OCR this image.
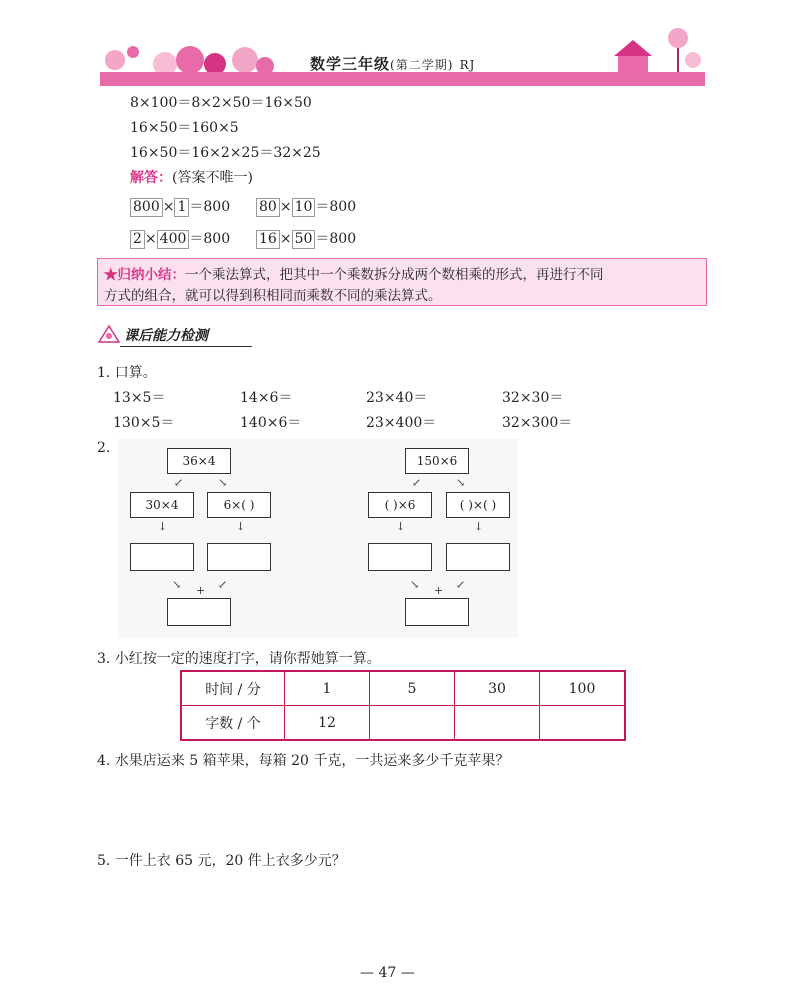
数学三年级(第二学期) RJ
8×100＝8×2×50＝16×50
16×50＝160×5
16×50＝16×2×25＝32×25
解答：(答案不唯一)
800 × 1 ＝800 80 × 10 ＝800
2 × 400 ＝800 16 × 50 ＝800
★归纳小结：一个乘法算式，把其中一个乘数拆分成两个数相乘的形式，再进行不同
方式的组合，就可以得到积相同而乘数不同的乘法算式。
课后能力检测
1. 口算。
13×5＝	14×6＝	23×40＝	32×30＝
130×5＝	140×6＝	23×400＝	32×300＝
2.
36×4
↙	↘
30×4	6×( )
↓	↓
↘ + ↙
150×6
↙	↘
( )×6	( )×( )
↓	↓
↘ + ↙
3. 小红按一定的速度打字，请你帮她算一算。
时间 / 分	1	5	30	100
字数 / 个	12			
4. 水果店运来 5 箱苹果，每箱 20 千克，一共运来多少千克苹果？
5. 一件上衣 65 元，20 件上衣多少元？
— 47 —
